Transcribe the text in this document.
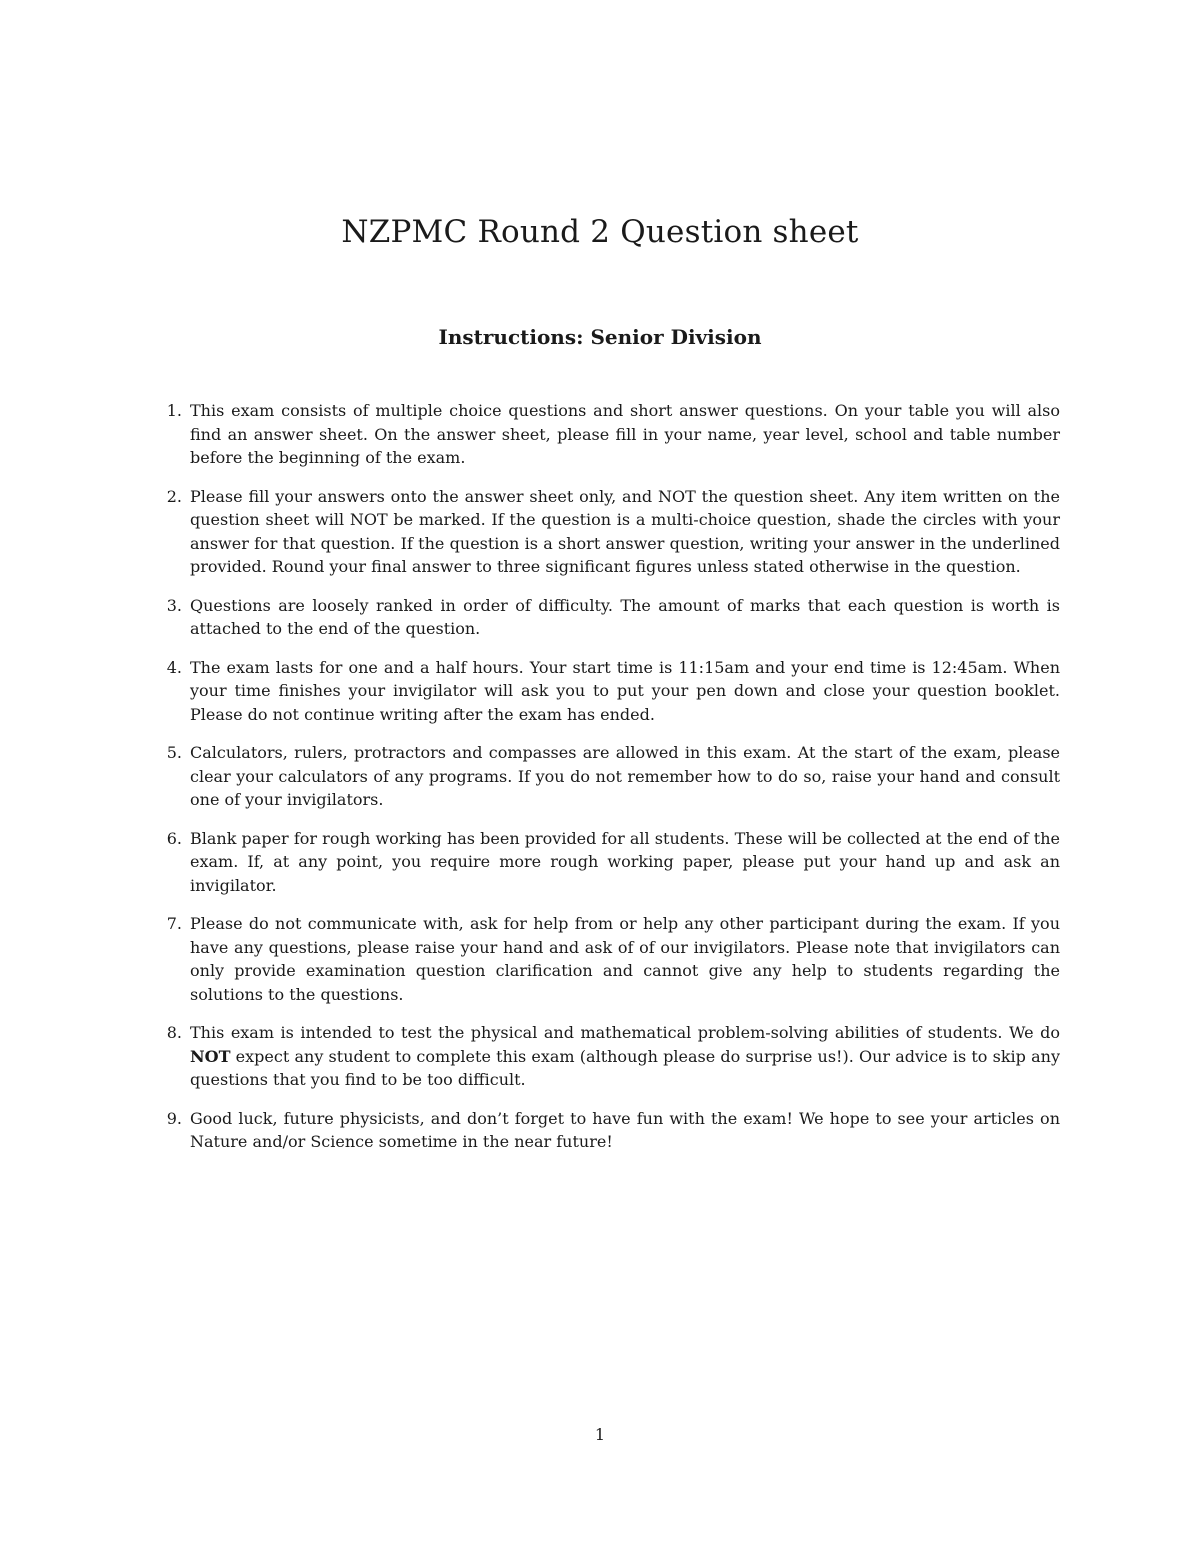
NZPMC Round 2 Question sheet
Instructions: Senior Division
1. This exam consists of multiple choice questions and short answer questions. On your table you will also find an answer sheet. On the answer sheet, please fill in your name, year level, school and table number before the beginning of the exam.
2. Please fill your answers onto the answer sheet only, and NOT the question sheet. Any item written on the question sheet will NOT be marked. If the question is a multi-choice question, shade the circles with your answer for that question. If the question is a short answer question, writing your answer in the underlined provided. Round your final answer to three significant figures unless stated otherwise in the question.
3. Questions are loosely ranked in order of difficulty. The amount of marks that each question is worth is attached to the end of the question.
4. The exam lasts for one and a half hours. Your start time is 11:15am and your end time is 12:45am. When your time finishes your invigilator will ask you to put your pen down and close your question booklet. Please do not continue writing after the exam has ended.
5. Calculators, rulers, protractors and compasses are allowed in this exam. At the start of the exam, please clear your calculators of any programs. If you do not remember how to do so, raise your hand and consult one of your invigilators.
6. Blank paper for rough working has been provided for all students. These will be collected at the end of the exam. If, at any point, you require more rough working paper, please put your hand up and ask an invigilator.
7. Please do not communicate with, ask for help from or help any other participant during the exam. If you have any questions, please raise your hand and ask of of our invigilators. Please note that invigilators can only provide examination question clarification and cannot give any help to students regarding the solutions to the questions.
8. This exam is intended to test the physical and mathematical problem-solving abilities of students. We do NOT expect any student to complete this exam (although please do surprise us!). Our advice is to skip any questions that you find to be too difficult.
9. Good luck, future physicists, and don’t forget to have fun with the exam! We hope to see your articles on Nature and/or Science sometime in the near future!
1
